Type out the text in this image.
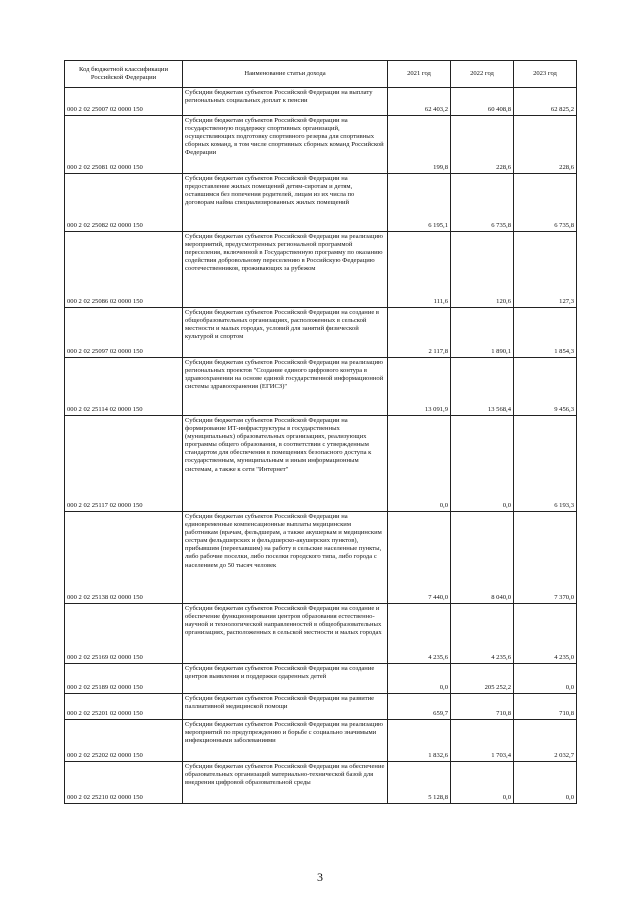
Код бюджетной классификации Российской Федерации	Наименование статьи дохода	2021 год	2022 год	2023 год
000 2 02 25007 02 0000 150	Субсидии бюджетам субъектов Российской Федерации на выплату региональных социальных доплат к пенсии	62 403,2	60 408,8	62 825,2
000 2 02 25081 02 0000 150	Субсидии бюджетам субъектов Российской Федерации на государственную поддержку спортивных организаций, осуществляющих подготовку спортивного резерва для спортивных сборных команд, в том числе спортивных сборных команд Российской Федерации	199,8	228,6	228,6
000 2 02 25082 02 0000 150	Субсидии бюджетам субъектов Российской Федерации на предоставление жилых помещений детям-сиротам и детям, оставшимся без попечения родителей, лицам из их числа по договорам найма специализированных жилых помещений	6 195,1	6 735,8	6 735,8
000 2 02 25086 02 0000 150	Субсидии бюджетам субъектов Российской Федерации на реализацию мероприятий, предусмотренных региональной программой переселения, включенной в Государственную программу по оказанию содействия добровольному переселению в Российскую Федерацию соотечественников, проживающих за рубежом	111,6	120,6	127,3
000 2 02 25097 02 0000 150	Субсидии бюджетам субъектов Российской Федерации на создание в общеобразовательных организациях, расположенных в сельской местности и малых городах, условий для занятий физической культурой и спортом	2 117,8	1 890,1	1 854,3
000 2 02 25114 02 0000 150	Субсидии бюджетам субъектов Российской Федерации на реализацию региональных проектов "Создание единого цифрового контура в здравоохранении на основе единой государственной информационной системы здравоохранения (ЕГИСЗ)"	13 091,9	13 568,4	9 456,3
000 2 02 25117 02 0000 150	Субсидии бюджетам субъектов Российской Федерации на формирование ИТ-инфраструктуры в государственных (муниципальных) образовательных организациях, реализующих программы общего образования, в соответствии с утвержденным стандартом для обеспечения в помещениях безопасного доступа к государственным, муниципальным и иным информационным системам, а также к сети "Интернет"	0,0	0,0	6 193,3
000 2 02 25138 02 0000 150	Субсидии бюджетам субъектов Российской Федерации на единовременные компенсационные выплаты медицинским работникам (врачам, фельдшерам, а также акушеркам и медицинским сестрам фельдшерских и фельдшерско-акушерских пунктов), прибывшим (переехавшим) на работу в сельские населенные пункты, либо рабочие поселки, либо поселки городского типа, либо города с населением до 50 тысяч человек	7 440,0	8 040,0	7 370,0
000 2 02 25169 02 0000 150	Субсидии бюджетам субъектов Российской Федерации на создание и обеспечение функционирования центров образования естественно-научной и технологической направленностей в общеобразовательных организациях, расположенных в сельской местности и малых городах	4 235,6	4 235,6	4 235,0
000 2 02 25189 02 0000 150	Субсидии бюджетам субъектов Российской Федерации на создание центров выявления и поддержки одаренных детей	0,0	205 252,2	0,0
000 2 02 25201 02 0000 150	Субсидии бюджетам субъектов Российской Федерации на развитие паллиативной медицинской помощи	659,7	710,8	710,8
000 2 02 25202 02 0000 150	Субсидии бюджетам субъектов Российской Федерации на реализацию мероприятий по предупреждению и борьбе с социально значимыми инфекционными заболеваниями	1 832,6	1 703,4	2 032,7
000 2 02 25210 02 0000 150	Субсидии бюджетам субъектов Российской Федерации на обеспечение образовательных организаций материально-технической базой для внедрения цифровой образовательной среды	5 128,8	0,0	0,0
3
